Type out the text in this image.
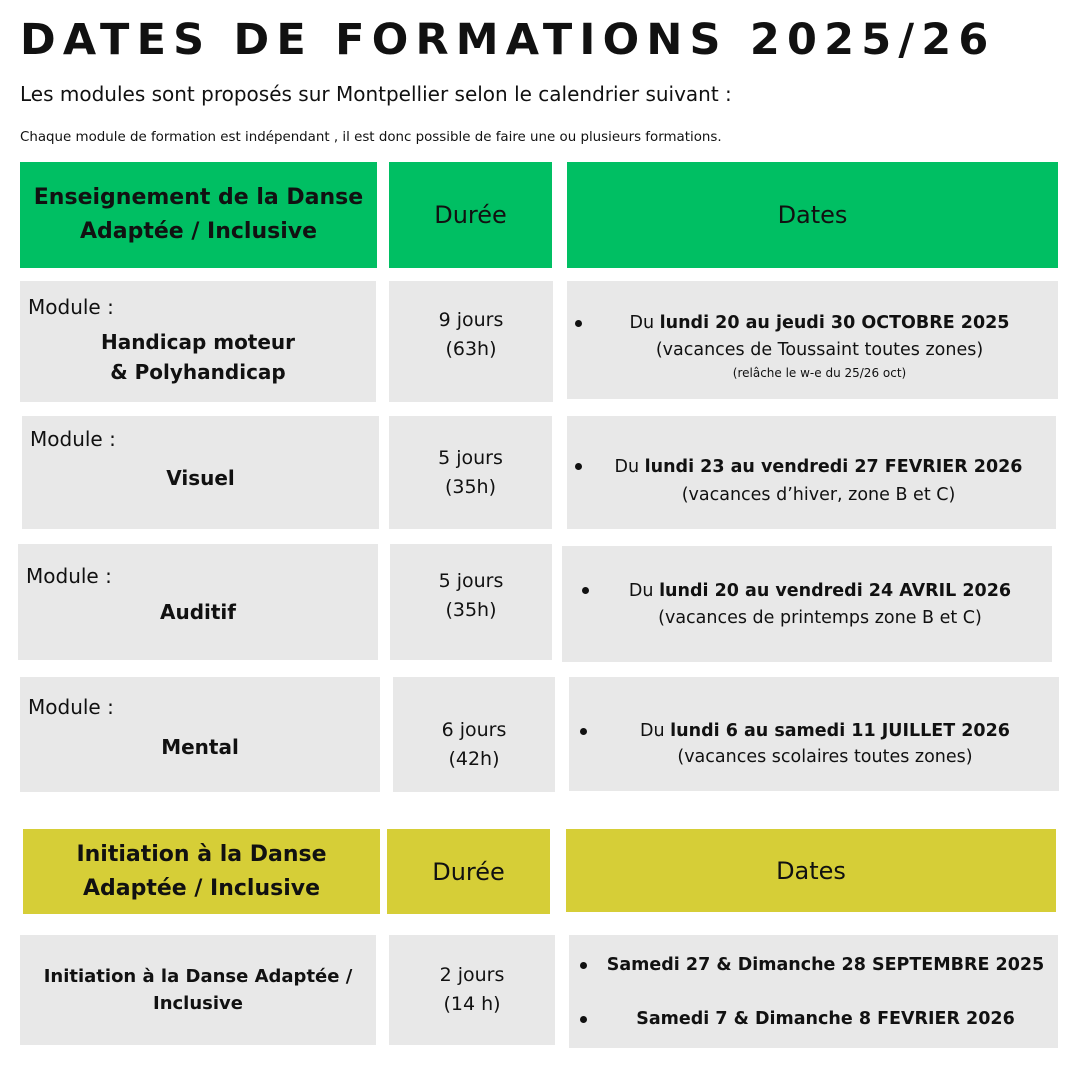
DATES DE FORMATIONS 2025/26
Les modules sont proposés sur Montpellier selon le calendrier suivant :
Chaque module de formation est indépendant , il est donc possible de faire une ou plusieurs formations.
Enseignement de la Danse
Adaptée / Inclusive
Durée	Dates
Module :
Handicap moteur
& Polyhandicap
9 jours
(63h)
Du lundi 20 au jeudi 30 OCTOBRE 2025
(vacances de Toussaint toutes zones)
(relâche le w-e du 25/26 oct)
Module :
Visuel
5 jours
(35h)
Du lundi 23 au vendredi 27 FEVRIER 2026
(vacances d’hiver, zone B et C)
Module :
Auditif
5 jours
(35h)
Du lundi 20 au vendredi 24 AVRIL 2026
(vacances de printemps zone B et C)
Module :
Mental
6 jours
(42h)
Du lundi 6 au samedi 11 JUILLET 2026
(vacances scolaires toutes zones)
Initiation à la Danse
Adaptée / Inclusive
Durée	Dates
Initiation à la Danse Adaptée /
Inclusive
2 jours
(14 h)
Samedi 27 & Dimanche 28 SEPTEMBRE 2025
Samedi 7 & Dimanche 8 FEVRIER 2026
